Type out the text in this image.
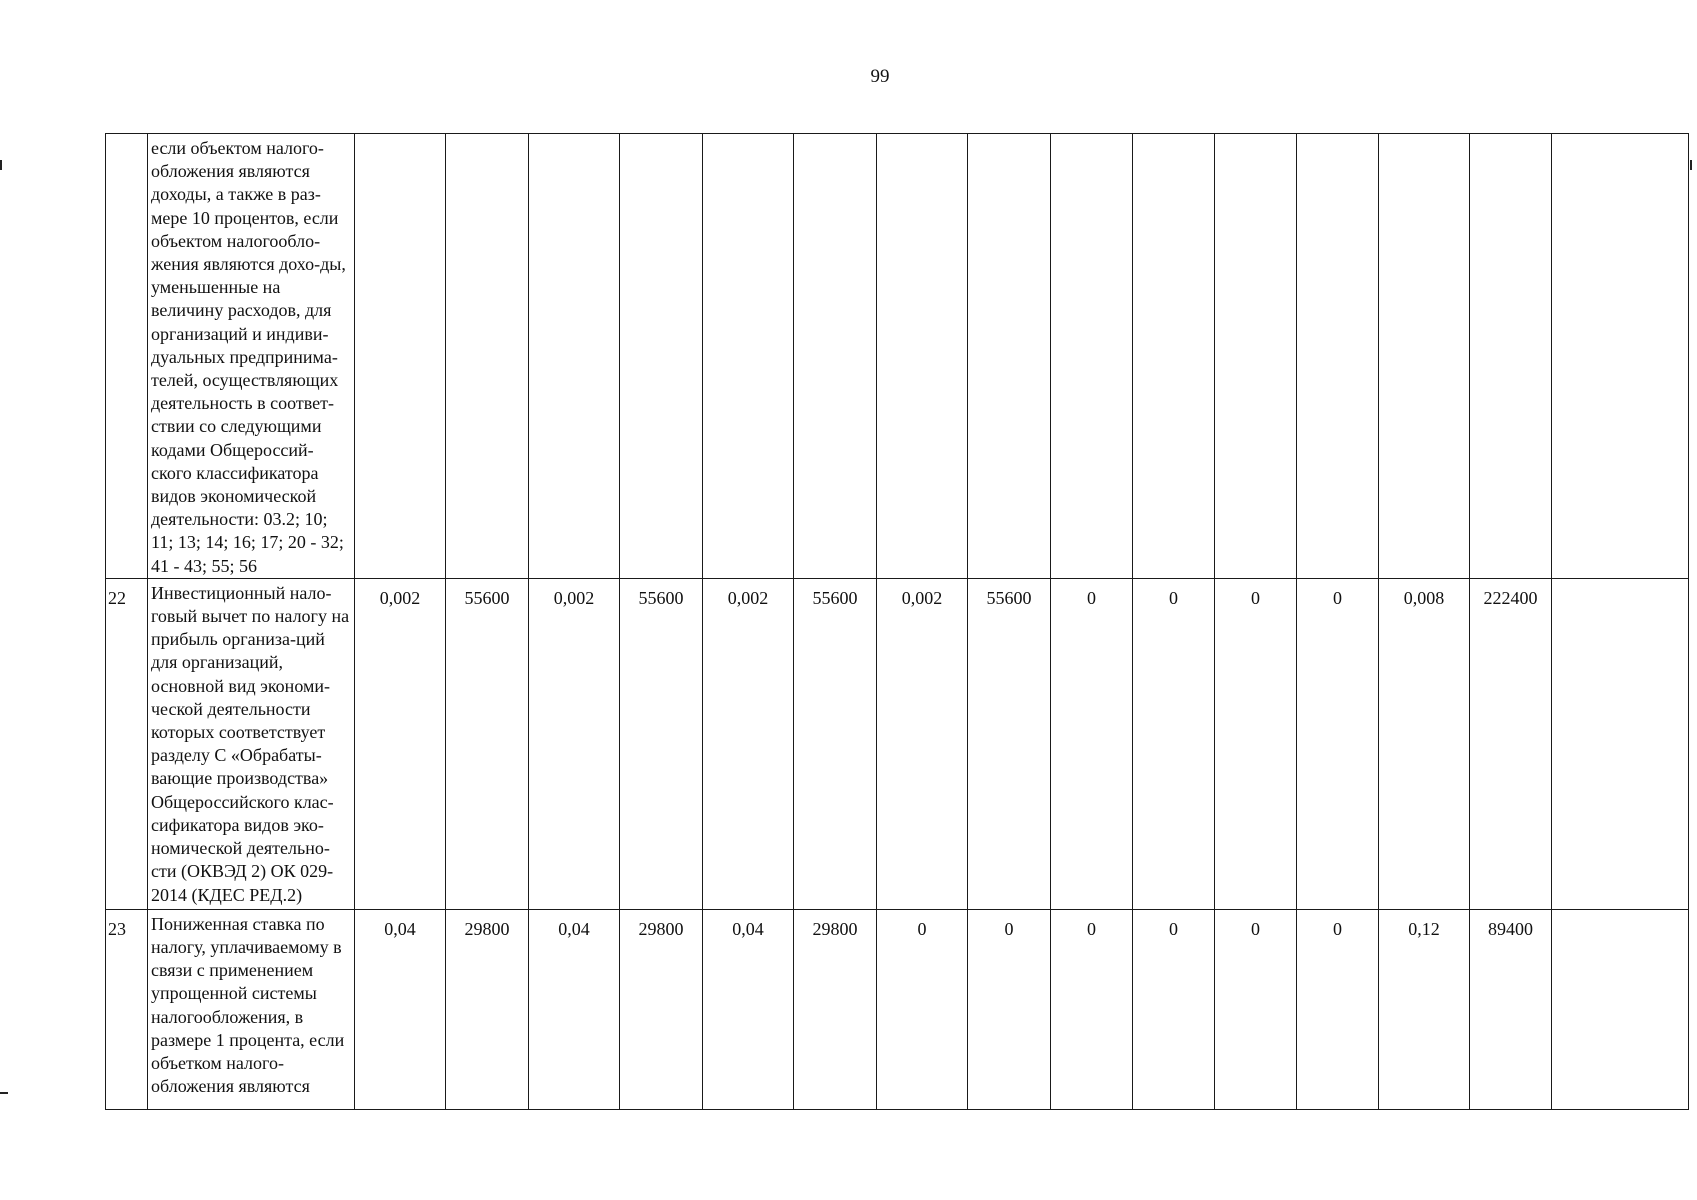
99
	если объектом налого-обложения являются доходы, а также в раз-мере 10 процентов, если объектом налогообло-жения являются дохо-ды, уменьшенные на величину расходов, для организаций и индиви-дуальных предпринима-телей, осуществляющих деятельность в соответ-ствии со следующими кодами Общероссий-ского классификатора видов экономической деятельности: 03.2; 10; 11; 13; 14; 16; 17; 20 - 32; 41 - 43; 55; 56															
22	Инвестиционный нало-говый вычет по налогу на прибыль организа-ций для организаций, основной вид экономи-ческой деятельности которых соответствует разделу С «Обрабаты-вающие производства» Общероссийского клас-сификатора видов эко-номической деятельно-сти (ОКВЭД 2) ОК 029-2014 (КДЕС РЕД.2)	0,002	55600	0,002	55600	0,002	55600	0,002	55600	0	0	0	0	0,008	222400	
23	Пониженная ставка по налогу, уплачиваемому в связи с применением упрощенной системы налогообложения, в размере 1 процента, если объетком налого-обложения являются	0,04	29800	0,04	29800	0,04	29800	0	0	0	0	0	0	0,12	89400	
